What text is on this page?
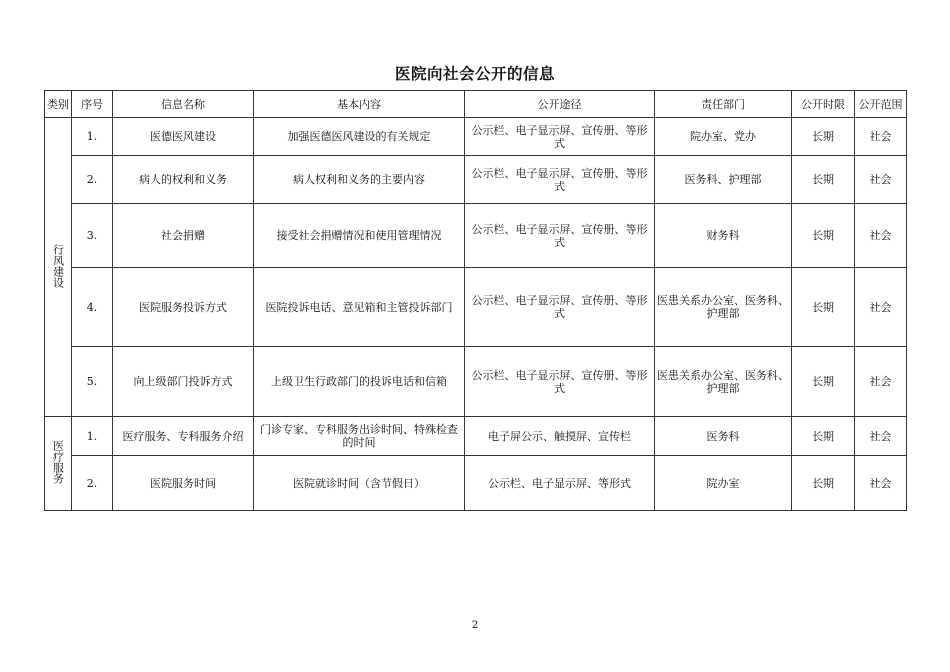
医院向社会公开的信息
类别	序号	信息名称	基本内容	公开途径	责任部门	公开时限	公开范围
行风建设	1.	医德医风建设	加强医德医风建设的有关规定	公示栏、电子显示屏、宣传册、等形式	院办室、党办	长期	社会
	2.	病人的权利和义务	病人权利和义务的主要内容	公示栏、电子显示屏、宣传册、等形式	医务科、护理部	长期	社会
	3.	社会捐赠	接受社会捐赠情况和使用管理情况	公示栏、电子显示屏、宣传册、等形式	财务科	长期	社会
	4.	医院服务投诉方式	医院投诉电话、意见箱和主管投诉部门	公示栏、电子显示屏、宣传册、等形式	医患关系办公室、医务科、护理部	长期	社会
	5.	向上级部门投诉方式	上级卫生行政部门的投诉电话和信箱	公示栏、电子显示屏、宣传册、等形式	医患关系办公室、医务科、护理部	长期	社会
医疗服务	1.	医疗服务、专科服务介绍	门诊专家、专科服务出诊时间、特殊检查的时间	电子屏公示、触摸屏、宣传栏	医务科	长期	社会
	2.	医院服务时间	医院就诊时间（含节假日）	公示栏、电子显示屏、等形式	院办室	长期	社会
2
